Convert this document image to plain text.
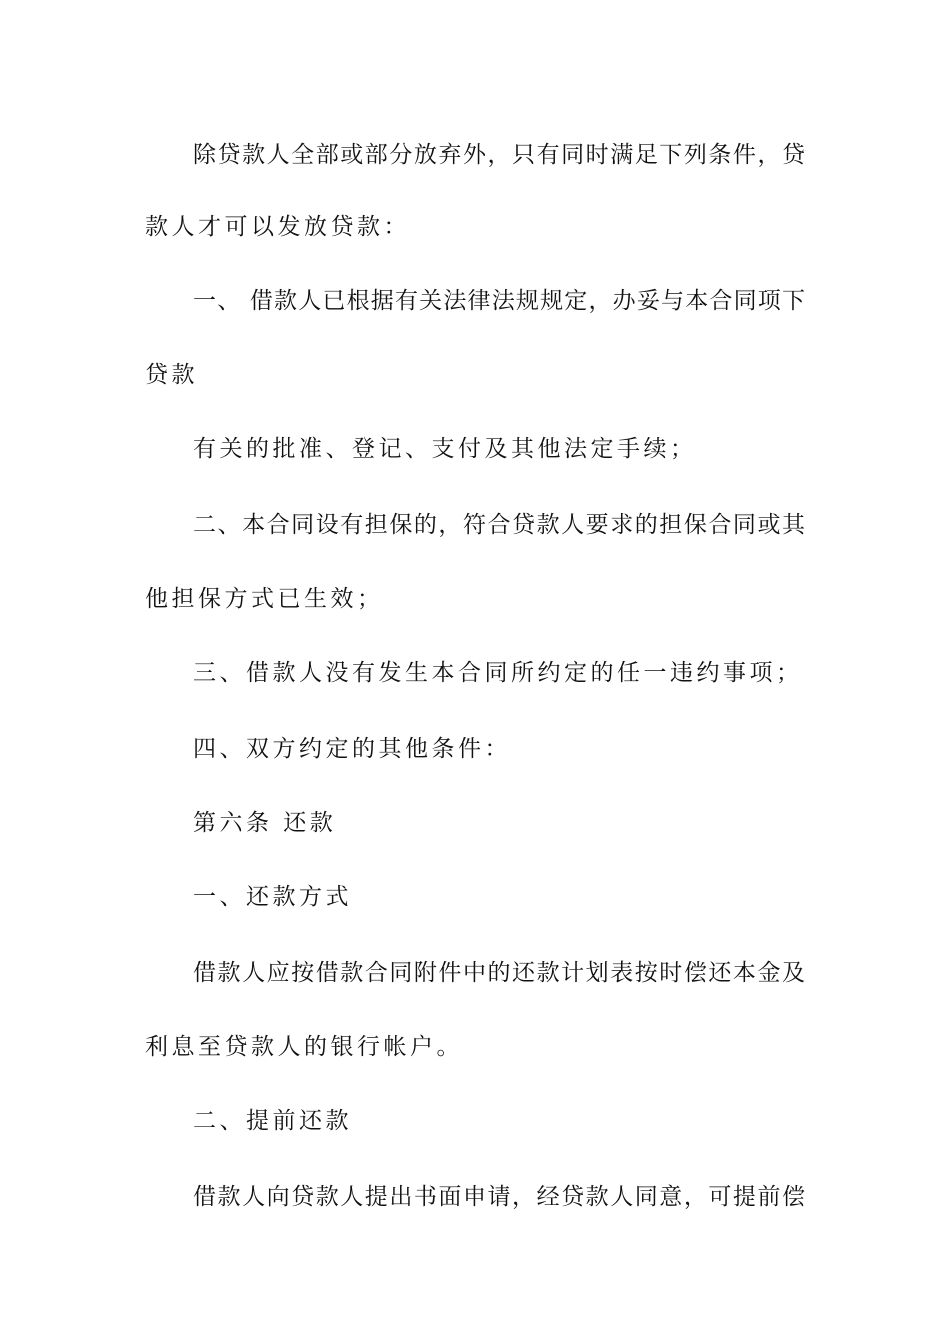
除贷款人全部或部分放弃外，只有同时满足下列条件，贷
款人才可以发放贷款：
一、 借款人已根据有关法律法规规定，办妥与本合同项下
贷款
有关的批准、登记、支付及其他法定手续；
二、本合同设有担保的，符合贷款人要求的担保合同或其
他担保方式已生效；
三、借款人没有发生本合同所约定的任一违约事项；
四、双方约定的其他条件：
第六条 还款
一、还款方式
借款人应按借款合同附件中的还款计划表按时偿还本金及
利息至贷款人的银行帐户。
二、提前还款
借款人向贷款人提出书面申请，经贷款人同意，可提前偿
